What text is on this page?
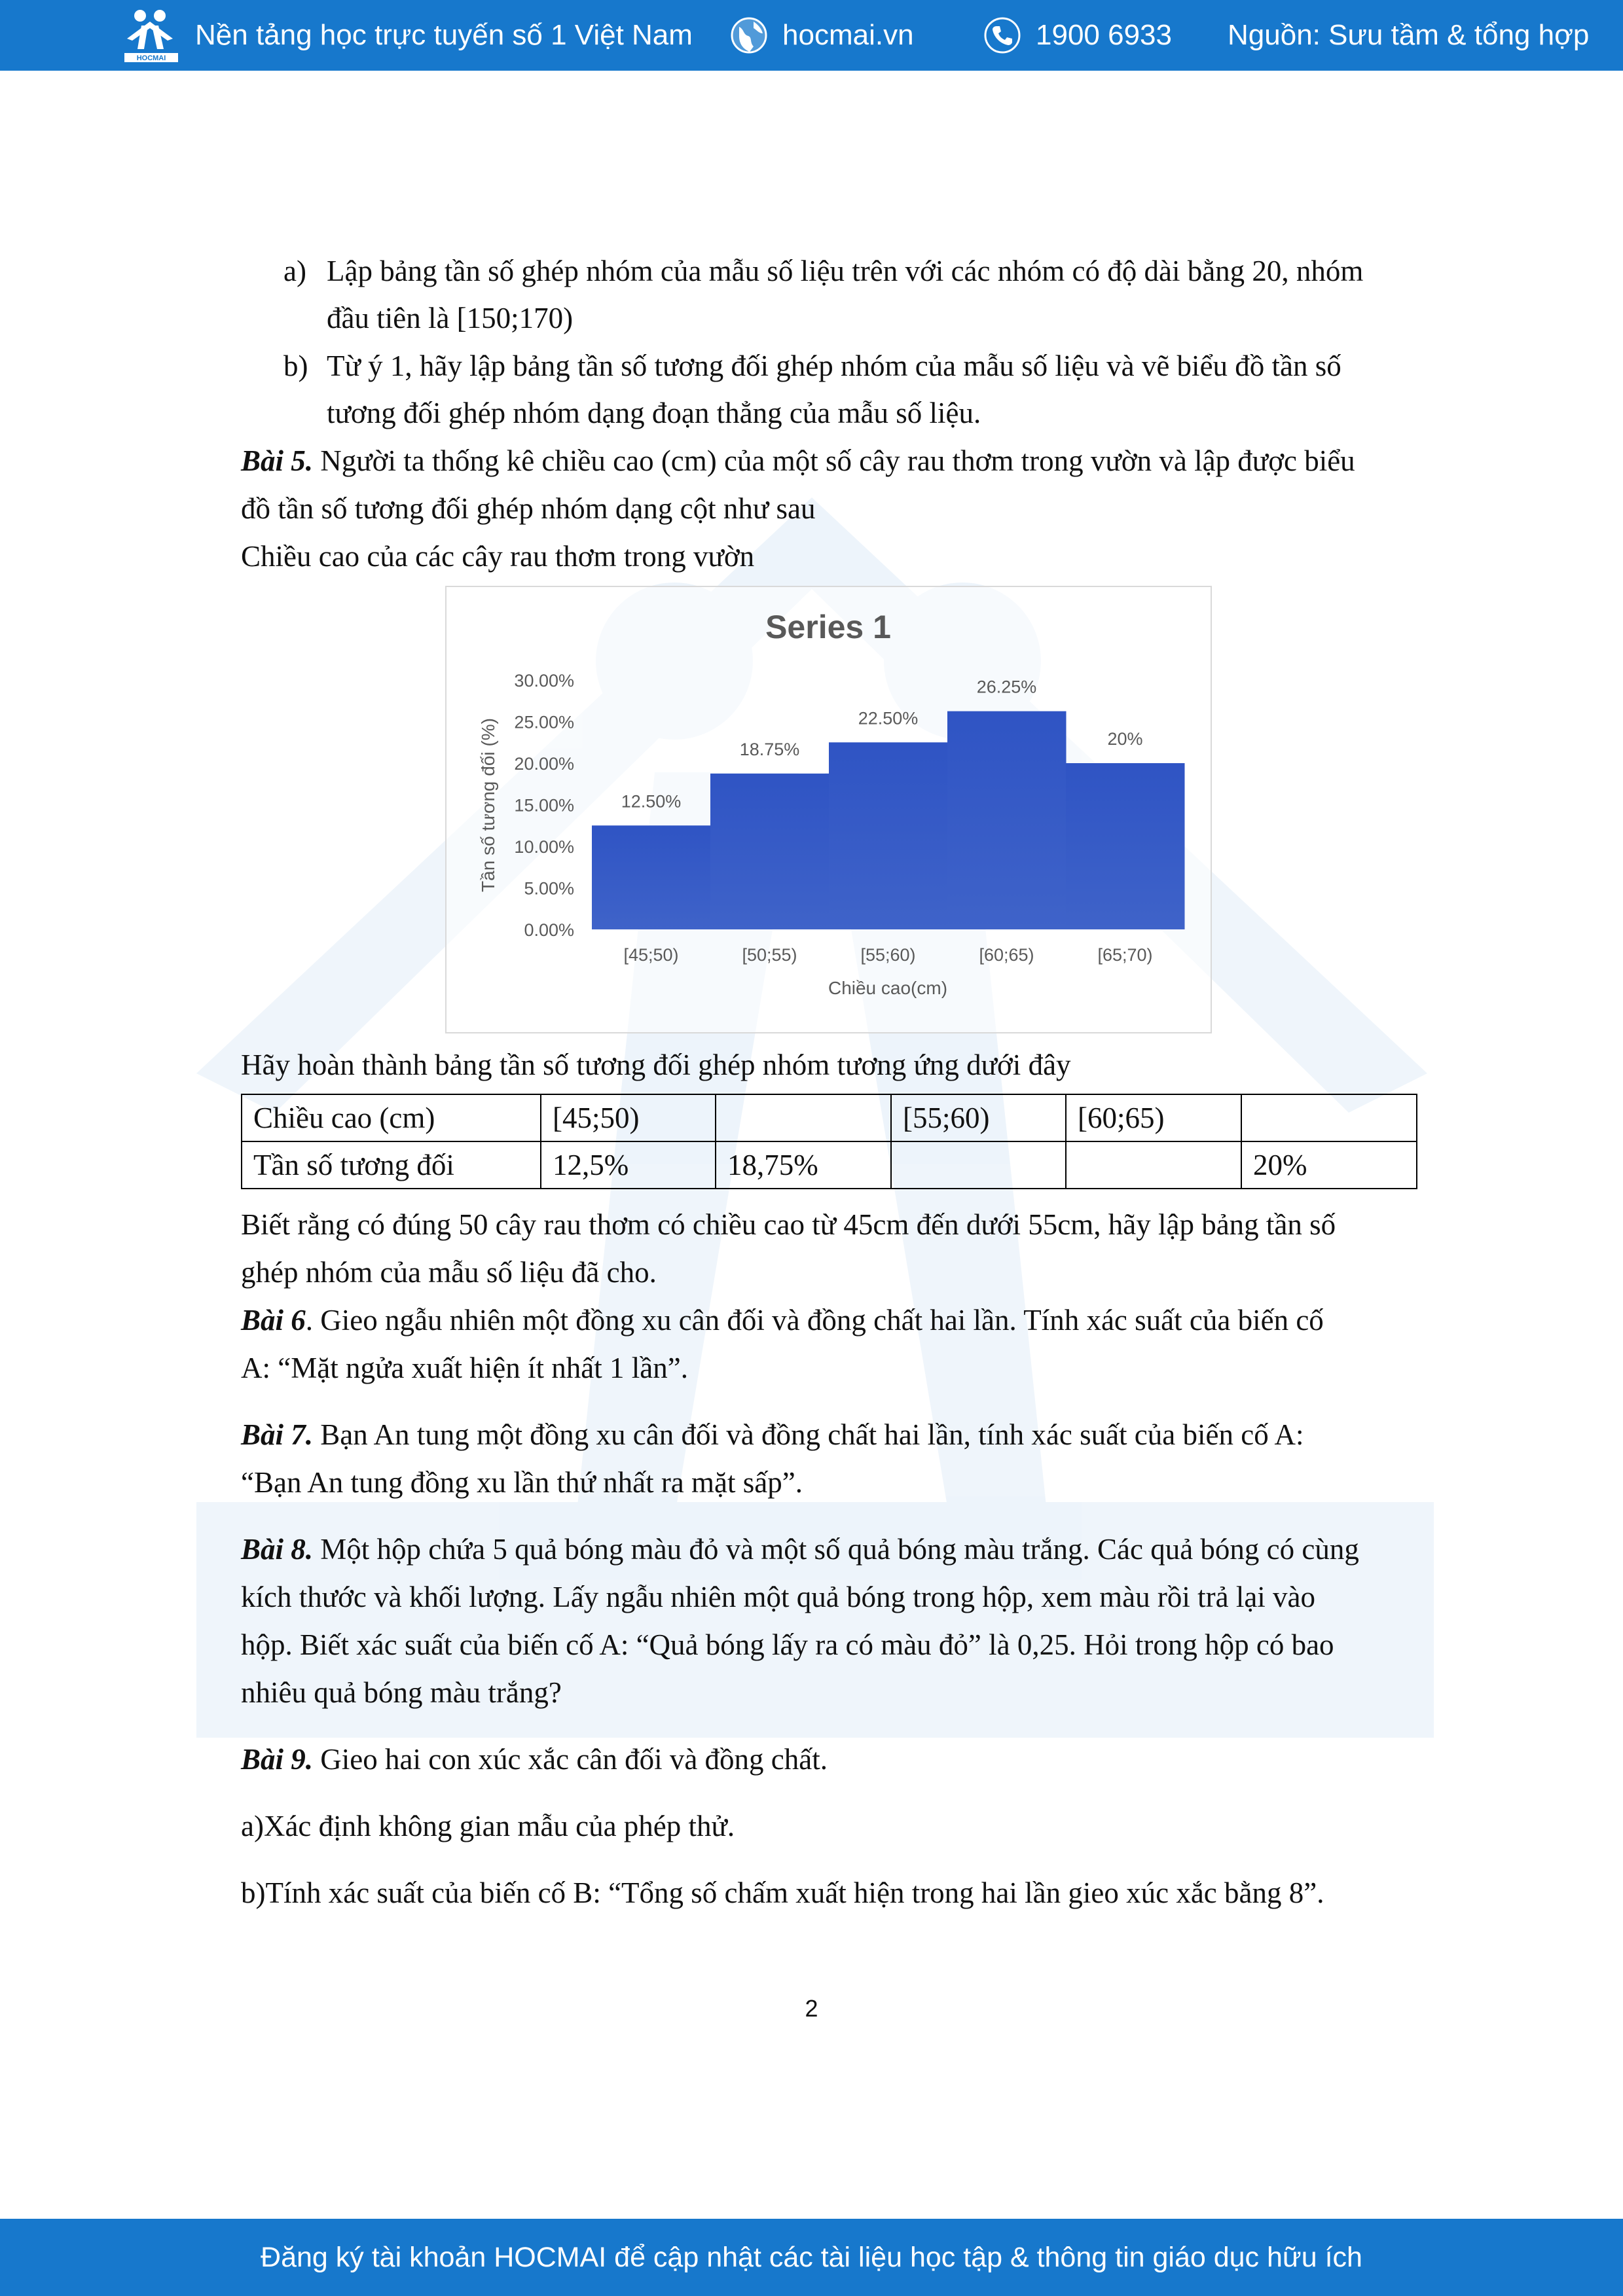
HOCMAI
Nền tảng học trực tuyến số 1 Việt Nam	hocmai.vn	1900 6933 Nguồn: Sưu tầm & tổng hợp
a) Lập bảng tần số ghép nhóm của mẫu số liệu trên với các nhóm có độ dài bằng 20, nhóm
đầu tiên là [150;170)
b) Từ ý 1, hãy lập bảng tần số tương đối ghép nhóm của mẫu số liệu và vẽ biểu đồ tần số
tương đối ghép nhóm dạng đoạn thẳng của mẫu số liệu.
Bài 5. Người ta thống kê chiều cao (cm) của một số cây rau thơm trong vườn và lập được biểu
đồ tần số tương đối ghép nhóm dạng cột như sau
Chiều cao của các cây rau thơm trong vườn
Series 1
0.00%
5.00%
10.00%
15.00%
20.00%
25.00%
30.00%
12.50%
[45;50)
18.75%
[50;55)
22.50%
[55;60)
26.25%
[60;65)
20%
[65;70)
Chiều cao(cm)
Tần số tương đối (%)
Hãy hoàn thành bảng tần số tương đối ghép nhóm tương ứng dưới đây
Chiều cao (cm)	[45;50)		[55;60)	[60;65)	
Tần số tương đối	12,5%	18,75%			20%
Biết rằng có đúng 50 cây rau thơm có chiều cao từ 45cm đến dưới 55cm, hãy lập bảng tần số
ghép nhóm của mẫu số liệu đã cho.
Bài 6. Gieo ngẫu nhiên một đồng xu cân đối và đồng chất hai lần. Tính xác suất của biến cố
A: “Mặt ngửa xuất hiện ít nhất 1 lần”.
Bài 7. Bạn An tung một đồng xu cân đối và đồng chất hai lần, tính xác suất của biến cố A:
“Bạn An tung đồng xu lần thứ nhất ra mặt sấp”.
Bài 8. Một hộp chứa 5 quả bóng màu đỏ và một số quả bóng màu trắng. Các quả bóng có cùng
kích thước và khối lượng. Lấy ngẫu nhiên một quả bóng trong hộp, xem màu rồi trả lại vào
hộp. Biết xác suất của biến cố A: “Quả bóng lấy ra có màu đỏ” là 0,25. Hỏi trong hộp có bao
nhiêu quả bóng màu trắng?
Bài 9. Gieo hai con xúc xắc cân đối và đồng chất.
a)Xác định không gian mẫu của phép thử.
b)Tính xác suất của biến cố B: “Tổng số chấm xuất hiện trong hai lần gieo xúc xắc bằng 8”.
2
Đăng ký tài khoản HOCMAI để cập nhật các tài liệu học tập & thông tin giáo dục hữu ích
